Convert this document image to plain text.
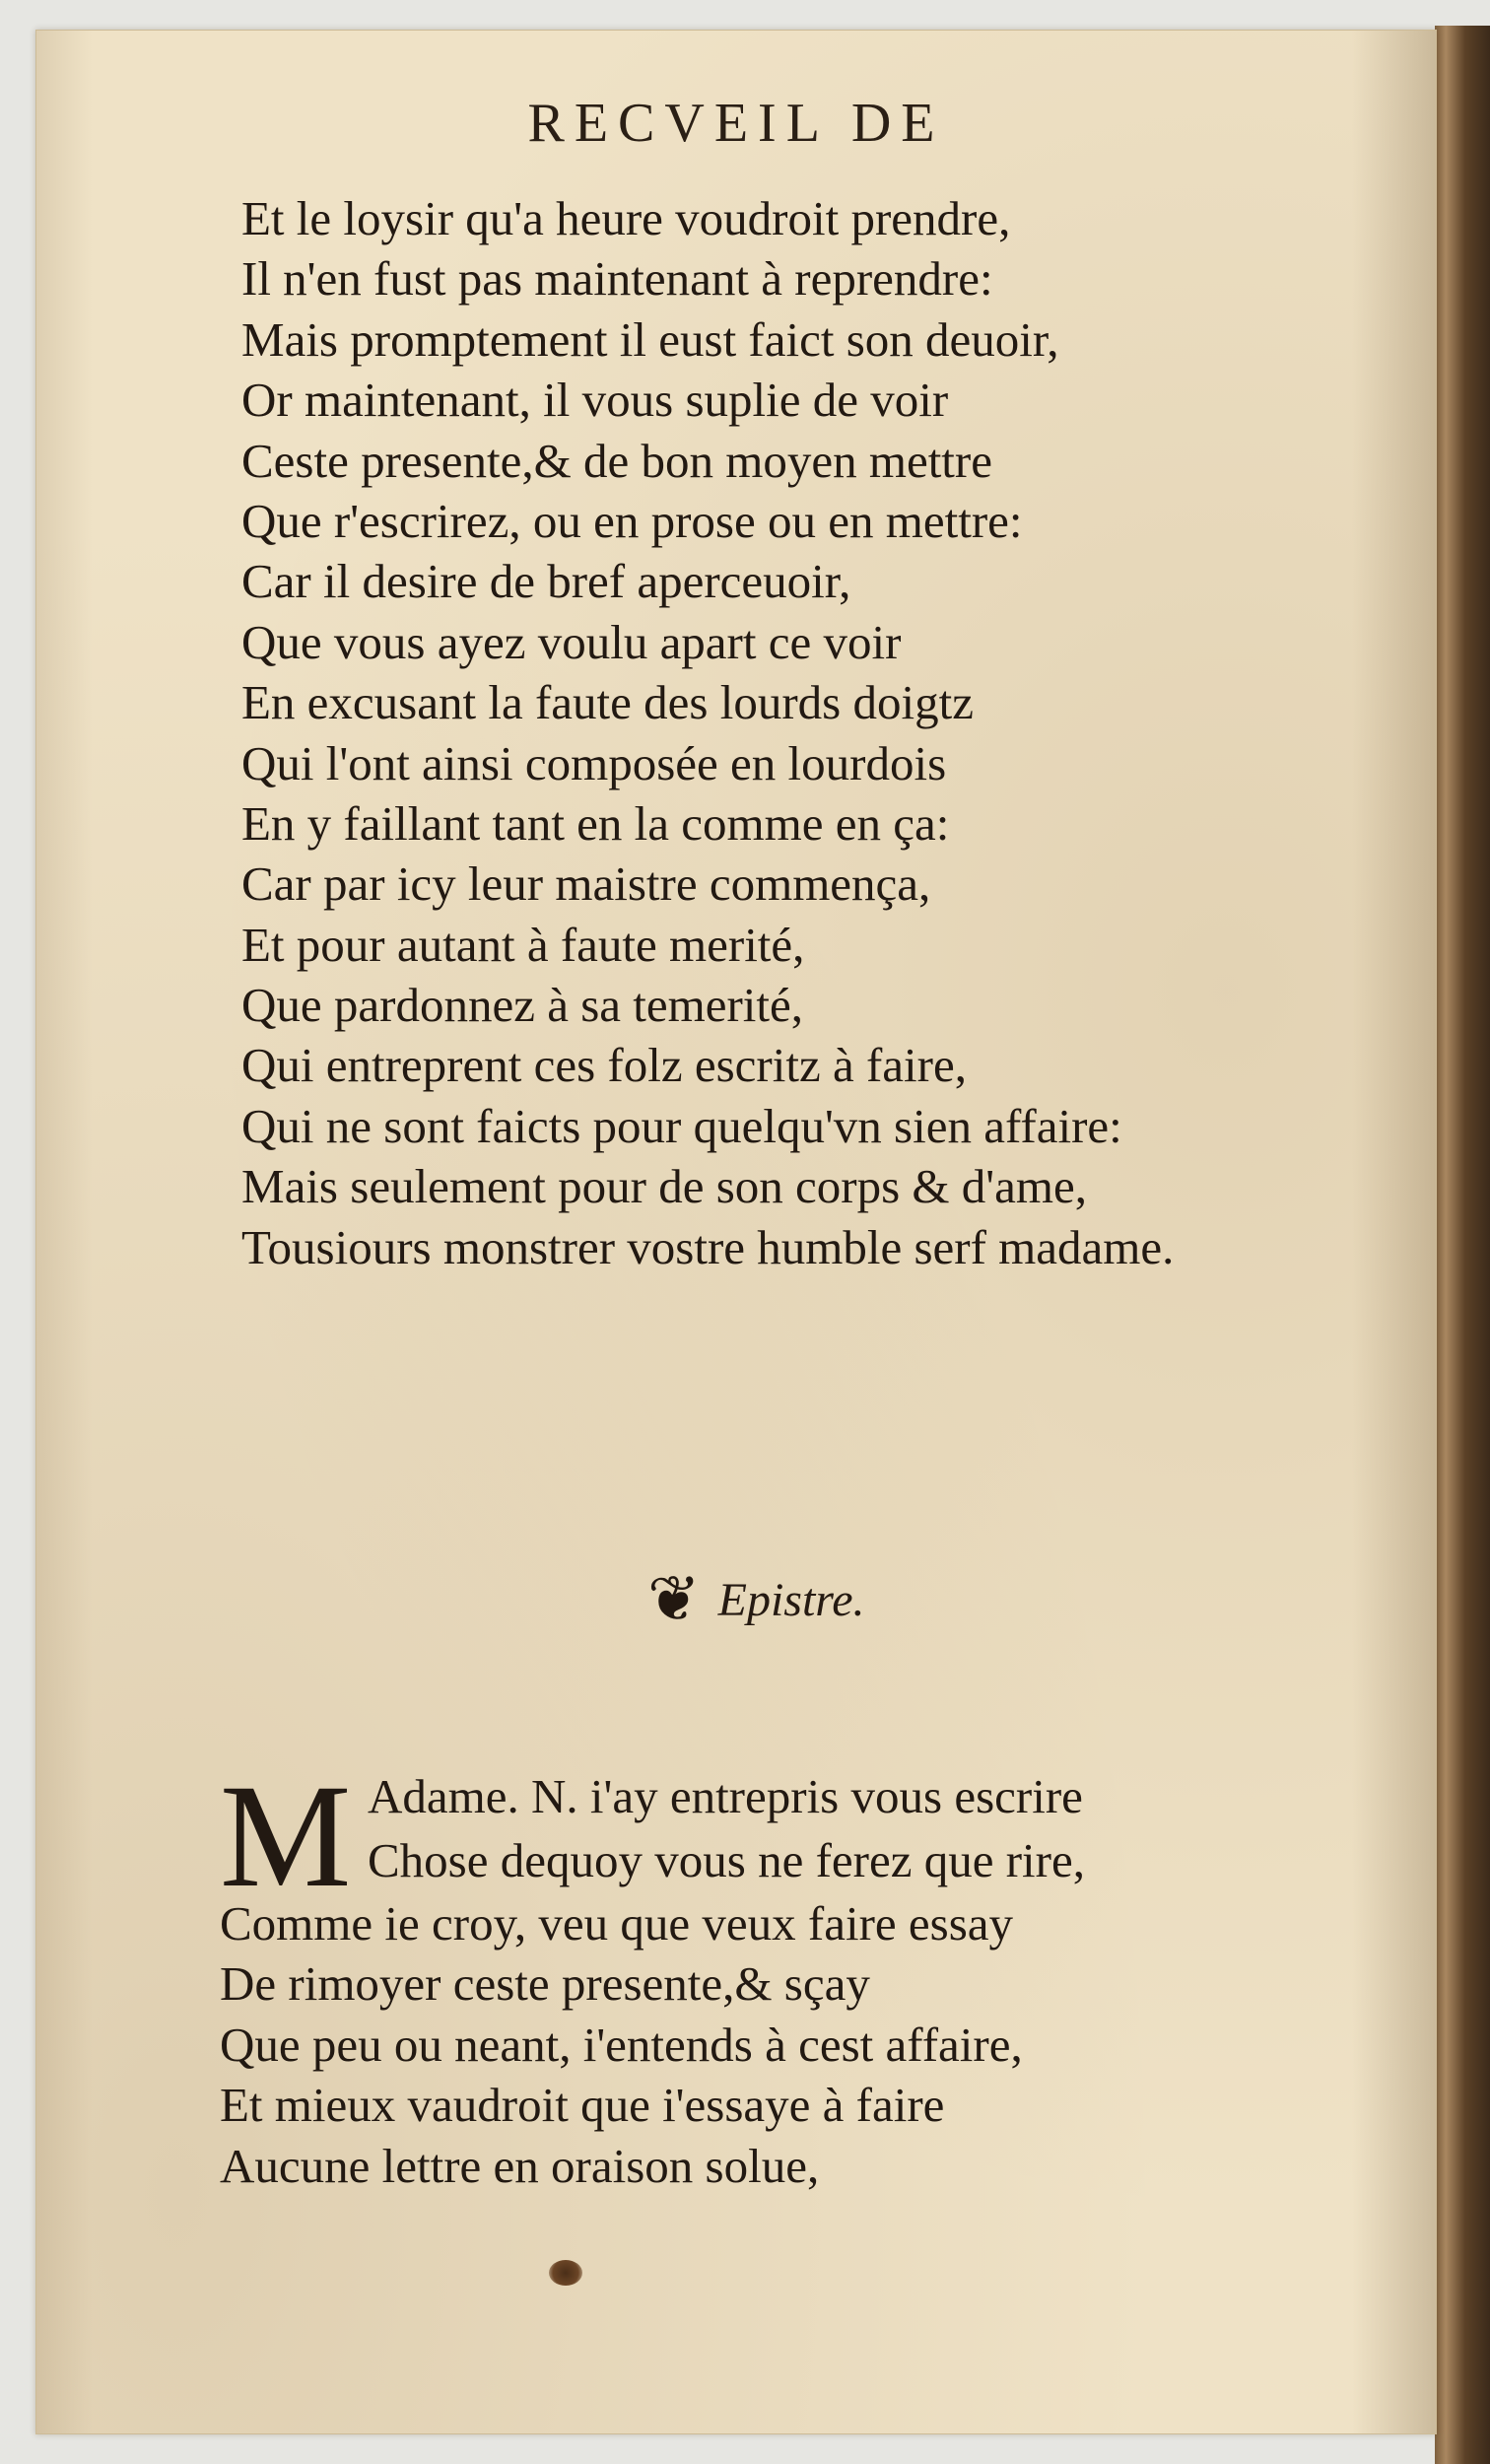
RECVEIL DE
Et le loysir qu'a heure voudroit prendre,
Il n'en fust pas maintenant à reprendre:
Mais promptement il eust faict son deuoir,
Or maintenant, il vous suplie de voir
Ceste presente,& de bon moyen mettre
Que r'escrirez, ou en prose ou en mettre:
Car il desire de bref aperceuoir,
Que vous ayez voulu apart ce voir
En excusant la faute des lourds doigtz
Qui l'ont ainsi composée en lourdois
En y faillant tant en la comme en ça:
Car par icy leur maistre commença,
Et pour autant à faute merité,
Que pardonnez à sa temerité,
Qui entreprent ces folz escritz à faire,
Qui ne sont faicts pour quelqu'vn sien affaire:
Mais seulement pour de son corps & d'ame,
Tousiours monstrer vostre humble serf madame.
❦ Epistre.
M Adame. N. i'ay entrepris vous escrire
Chose dequoy vous ne ferez que rire,
Comme ie croy, veu que veux faire essay
De rimoyer ceste presente,& sçay
Que peu ou neant, i'entends à cest affaire,
Et mieux vaudroit que i'essaye à faire
Aucune lettre en oraison solue,
